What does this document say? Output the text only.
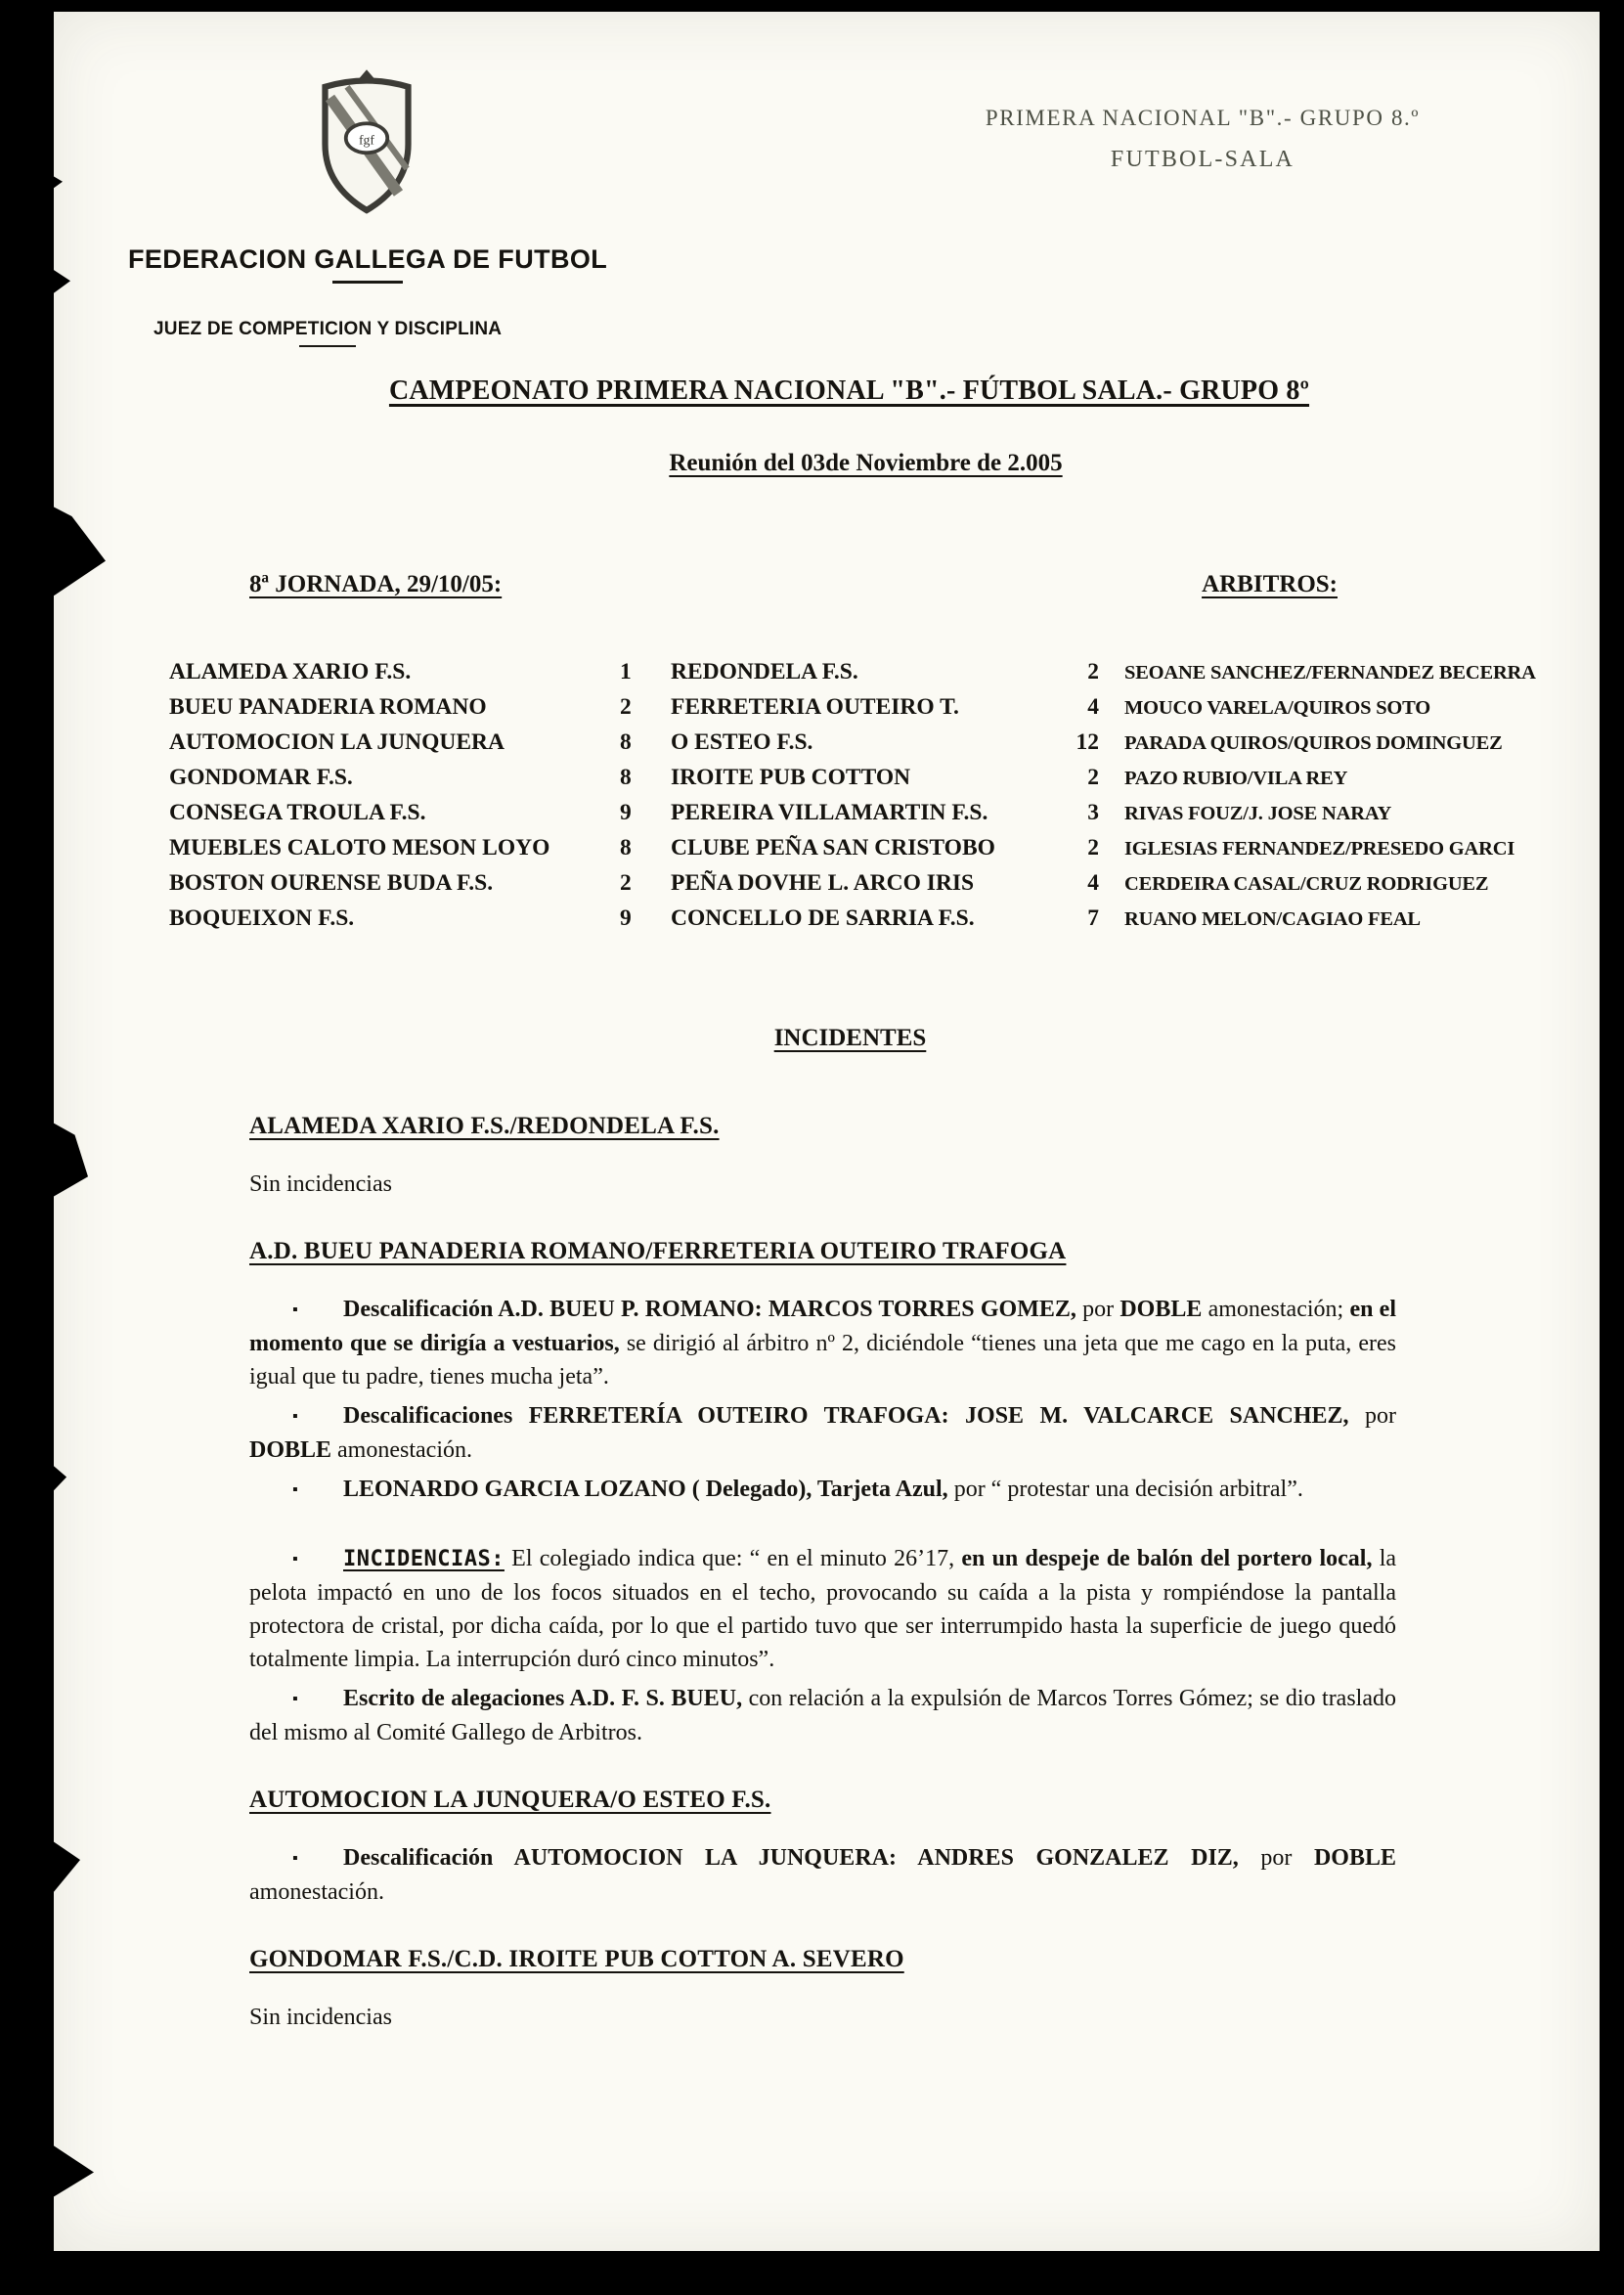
fgf
PRIMERA NACIONAL "B".- GRUPO 8.º
FUTBOL-SALA
FEDERACION GALLEGA DE FUTBOL
JUEZ DE COMPETICION Y DISCIPLINA
CAMPEONATO PRIMERA NACIONAL "B".- FÚTBOL SALA.- GRUPO 8º
Reunión del 03de Noviembre de 2.005
8ª JORNADA, 29/10/05:	ARBITROS:
ALAMEDA XARIO F.S.	1	REDONDELA F.S.	2 SEOANE SANCHEZ/FERNANDEZ BECERRA
BUEU PANADERIA ROMANO	2	FERRETERIA OUTEIRO T.	4 MOUCO VARELA/QUIROS SOTO
AUTOMOCION LA JUNQUERA	8	O ESTEO F.S.	12 PARADA QUIROS/QUIROS DOMINGUEZ
GONDOMAR F.S.	8	IROITE PUB COTTON	2 PAZO RUBIO/VILA REY
CONSEGA TROULA F.S.	9	PEREIRA VILLAMARTIN F.S.	3 RIVAS FOUZ/J. JOSE NARAY
MUEBLES CALOTO MESON LOYO	8	CLUBE PEÑA SAN CRISTOBO	2 IGLESIAS FERNANDEZ/PRESEDO GARCI
BOSTON OURENSE BUDA F.S.	2	PEÑA DOVHE L. ARCO IRIS	4 CERDEIRA CASAL/CRUZ RODRIGUEZ
BOQUEIXON F.S.	9	CONCELLO DE SARRIA F.S.	7 RUANO MELON/CAGIAO FEAL
INCIDENTES
ALAMEDA XARIO F.S./REDONDELA F.S.

Sin incidencias

A.D. BUEU PANADERIA ROMANO/FERRETERIA OUTEIRO TRAFOGA

▪ Descalificación A.D. BUEU P. ROMANO: MARCOS TORRES GOMEZ, por DOBLE amonestación; en el momento que se dirigía a vestuarios, se dirigió al árbitro nº 2, diciéndole “tienes una jeta que me cago en la puta, eres igual que tu padre, tienes mucha jeta”.

▪ Descalificaciones FERRETERÍA OUTEIRO TRAFOGA: JOSE M. VALCARCE SANCHEZ, por DOBLE amonestación.

▪ LEONARDO GARCIA LOZANO ( Delegado), Tarjeta Azul, por “ protestar una decisión arbitral”.

▪ INCIDENCIAS: El colegiado indica que: “ en el minuto 26’17, en un despeje de balón del portero local, la pelota impactó en uno de los focos situados en el techo, provocando su caída a la pista y rompiéndose la pantalla protectora de cristal, por dicha caída, por lo que el partido tuvo que ser interrumpido hasta la superficie de juego quedó totalmente limpia. La interrupción duró cinco minutos”.

▪ Escrito de alegaciones A.D. F. S. BUEU, con relación a la expulsión de Marcos Torres Gómez; se dio traslado del mismo al Comité Gallego de Arbitros.

AUTOMOCION LA JUNQUERA/O ESTEO F.S.

▪ Descalificación AUTOMOCION LA JUNQUERA: ANDRES GONZALEZ DIZ, por DOBLE amonestación.

GONDOMAR F.S./C.D. IROITE PUB COTTON A. SEVERO

Sin incidencias
